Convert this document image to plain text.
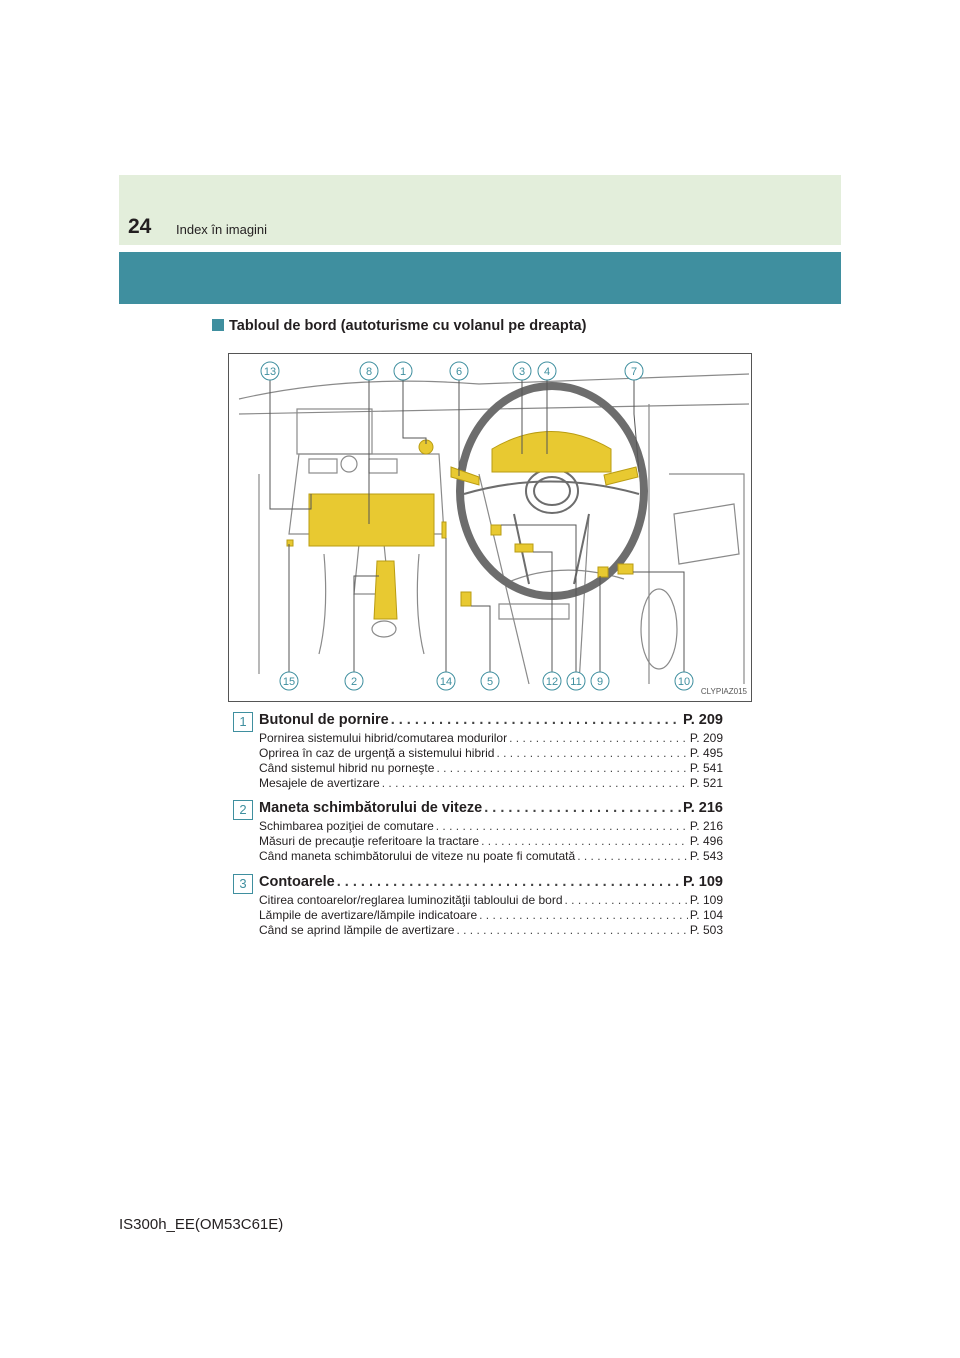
24 Index în imagini
Tabloul de bord (autoturisme cu volanul pe dreapta)
13	8	1	6	3 4	7
15	2	14	5	12 11 9	10
CLYPIAZ015
1 Butonul de pornire . . .	P. 209
Pornirea sistemului hibrid/comutarea modurilor . . .	P. 209
Oprirea în caz de urgenţă a sistemului hibrid . . .	P. 495
Când sistemul hibrid nu porneşte . . .	P. 541
Mesajele de avertizare . . .	P. 521
2 Maneta schimbătorului de viteze . . .	P. 216
Schimbarea poziţiei de comutare . . .	P. 216
Măsuri de precauţie referitoare la tractare . . .	P. 496
Când maneta schimbătorului de viteze nu poate fi comutată . . .	P. 543
3 Contoarele . . .	P. 109
Citirea contoarelor/reglarea luminozităţii tabloului de bord . . .	P. 109
Lămpile de avertizare/lămpile indicatoare . . .	P. 104
Când se aprind lămpile de avertizare . . .	P. 503
IS300h_EE(OM53C61E)
